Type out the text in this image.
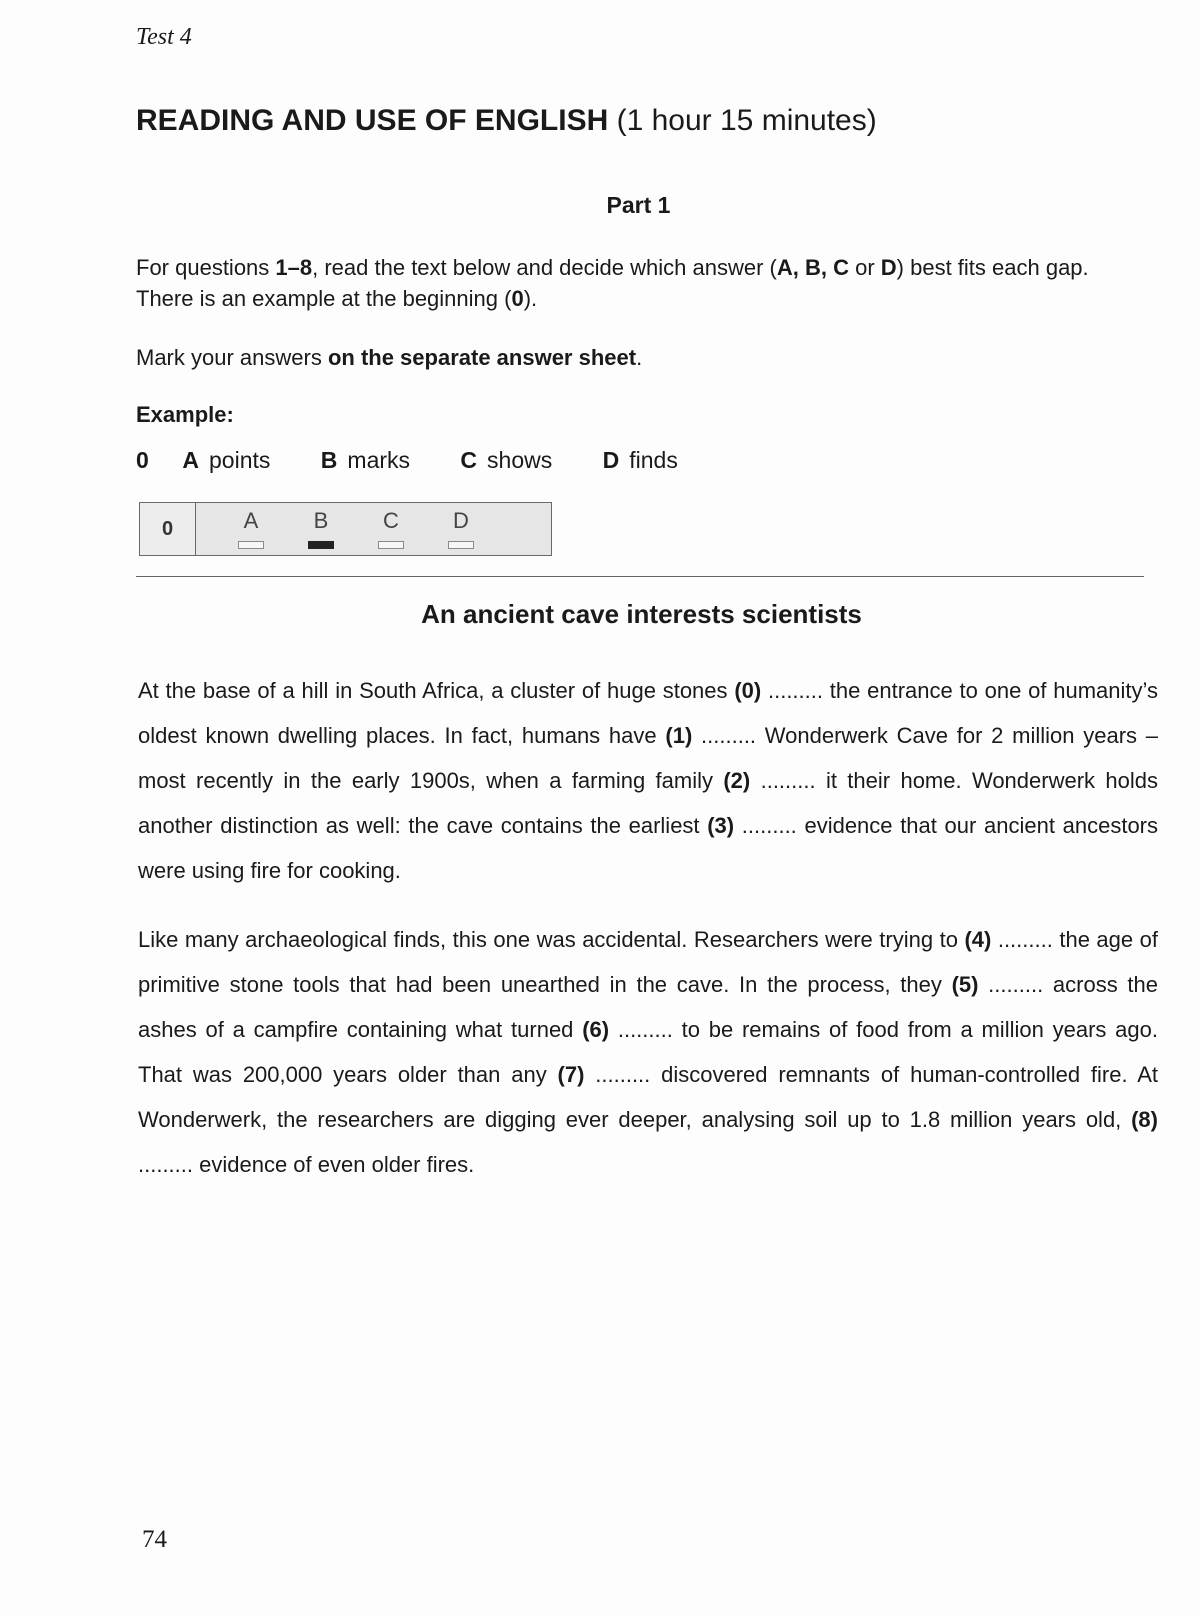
Test 4
READING AND USE OF ENGLISH (1 hour 15 minutes)
Part 1
For questions 1–8, read the text below and decide which answer (A, B, C or D) best fits each gap. There is an example at the beginning (0).
Mark your answers on the separate answer sheet.
Example:
0 A points B marks C shows D finds
0	A	B	C	D
An ancient cave interests scientists
At the base of a hill in South Africa, a cluster of huge stones (0) ......... the entrance to one of humanity’s oldest known dwelling places. In fact, humans have (1) ......... Wonderwerk Cave for 2 million years – most recently in the early 1900s, when a farming family (2) ......... it their home. Wonderwerk holds another distinction as well: the cave contains the earliest (3) ......... evidence that our ancient ancestors were using fire for cooking.
Like many archaeological finds, this one was accidental. Researchers were trying to (4) ......... the age of primitive stone tools that had been unearthed in the cave. In the process, they (5) ......... across the ashes of a campfire containing what turned (6) ......... to be remains of food from a million years ago. That was 200,000 years older than any (7) ......... discovered remnants of human-controlled fire. At Wonderwerk, the researchers are digging ever deeper, analysing soil up to 1.8 million years old, (8) ......... evidence of even older fires.
74
